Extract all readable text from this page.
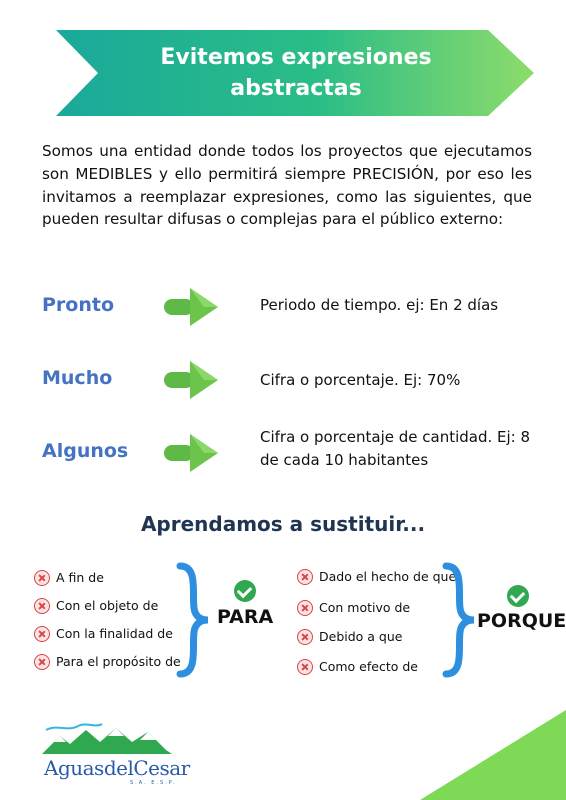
Evitemos expresiones abstractas

Somos una entidad donde todos los proyectos que ejecutamos son MEDIBLES y ello permitirá siempre PRECISIÓN, por eso les invitamos a reemplazar expresiones, como las siguientes, que pueden resultar difusas o complejas para el público externo:

Pronto	Periodo de tiempo. ej: En 2 días
Mucho	Cifra o porcentaje. Ej: 70%
Algunos
Cifra o porcentaje de cantidad. Ej: 8 de cada 10 habitantes
Aprendamos a sustituir...
A fin de
Con el objeto de
Con la finalidad de
Para el propósito de
PARA
Dado el hecho de que
Con motivo de
Debido a que
Como efecto de
PORQUE
AguasdelCesar
S.A. E.S.P.
